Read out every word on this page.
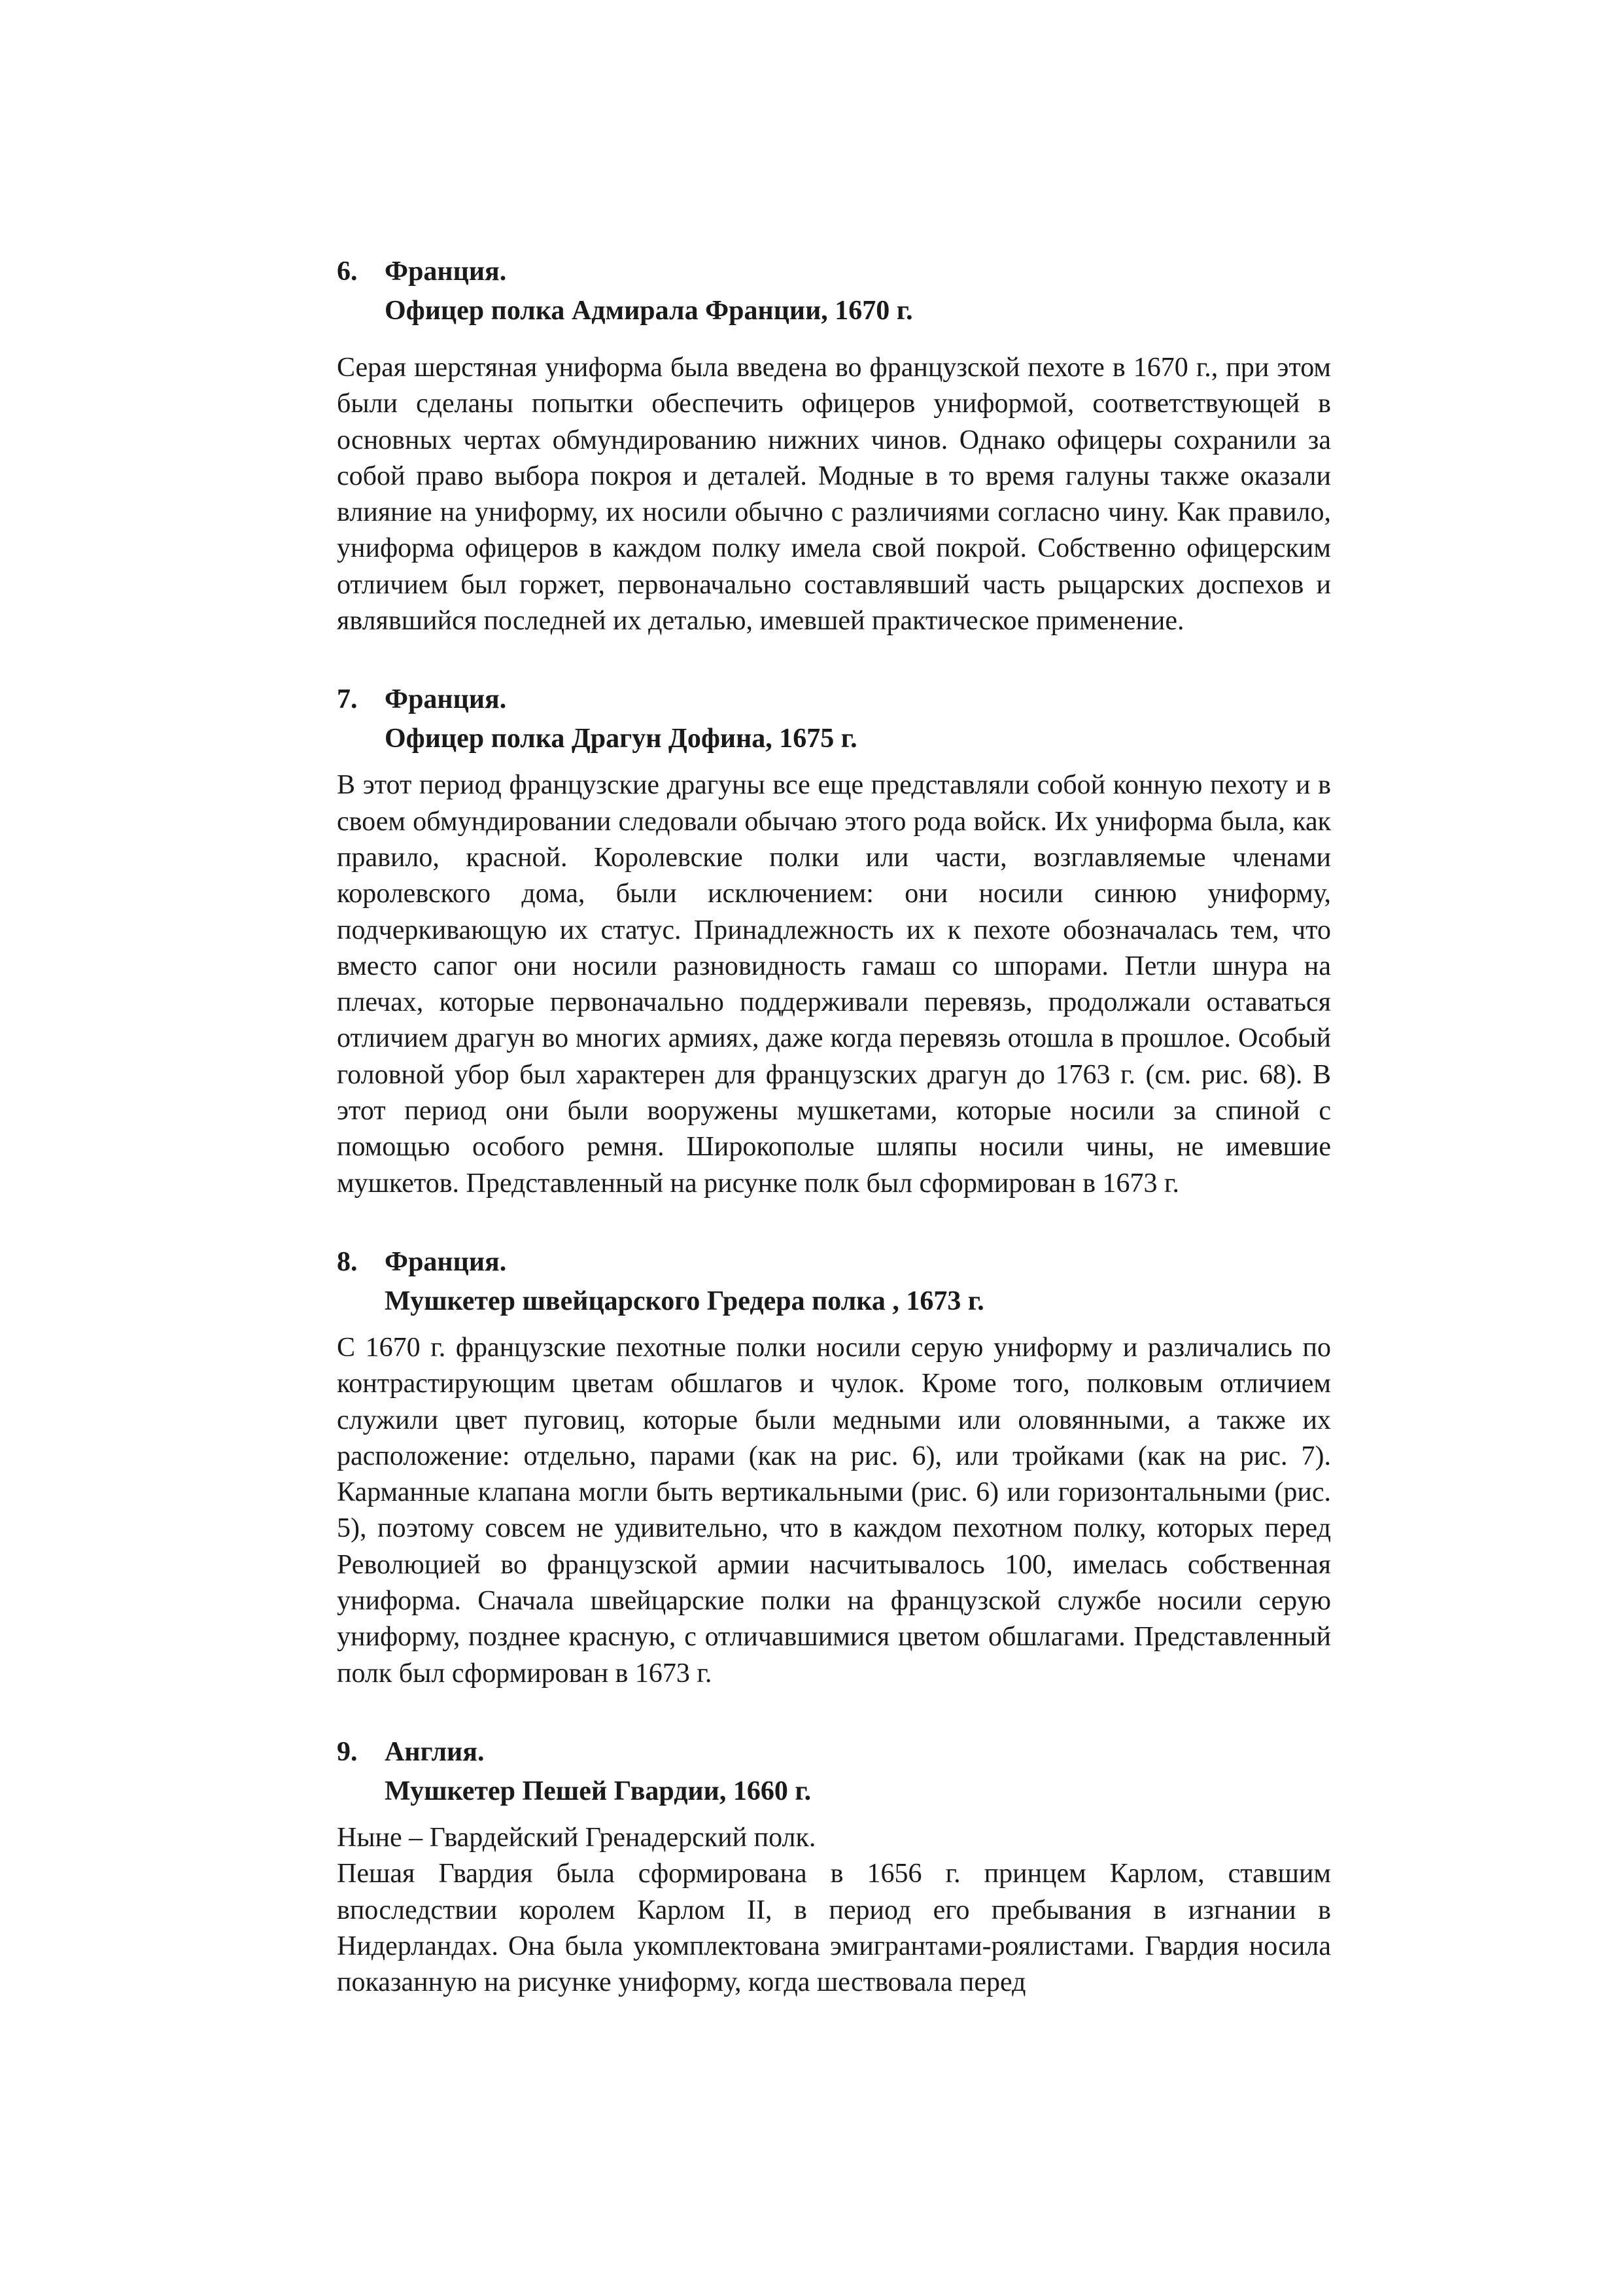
6. Франция.
Офицер полка Адмирала Франции, 1670 г.

Серая шерстяная униформа была введена во французской пехоте в 1670 г., при этом были сделаны попытки обеспечить офицеров униформой, соответствующей в основных чертах обмундированию нижних чинов. Однако офицеры сохранили за собой право выбора покроя и деталей. Модные в то время галуны также оказали влияние на униформу, их носили обычно с различиями согласно чину. Как правило, униформа офицеров в каждом полку имела свой покрой. Собственно офицерским отличием был горжет, первоначально составлявший часть рыцарских доспехов и являвшийся последней их деталью, имевшей практическое применение.

7. Франция.
Офицер полка Драгун Дофина, 1675 г.

В этот период французские драгуны все еще представляли собой конную пехоту и в своем обмундировании следовали обычаю этого рода войск. Их униформа была, как правило, красной. Королевские полки или части, возглавляемые членами королевского дома, были исключением: они носили синюю униформу, подчеркивающую их статус. Принадлежность их к пехоте обозначалась тем, что вместо сапог они носили разновидность гамаш со шпорами. Петли шнура на плечах, которые первоначально поддерживали перевязь, продолжали оставаться отличием драгун во многих армиях, даже когда перевязь отошла в прошлое. Особый головной убор был характерен для французских драгун до 1763 г. (см. рис. 68). В этот период они были вооружены мушкетами, которые носили за спиной с помощью особого ремня. Широкополые шляпы носили чины, не имевшие мушкетов. Представленный на рисунке полк был сформирован в 1673 г.

8. Франция.
Мушкетер швейцарского Гредера полка , 1673 г.

С 1670 г. французские пехотные полки носили серую униформу и различались по контрастирующим цветам обшлагов и чулок. Кроме того, полковым отличием служили цвет пуговиц, которые были медными или оловянными, а также их расположение: отдельно, парами (как на рис. 6), или тройками (как на рис. 7). Карманные клапана могли быть вертикальными (рис. 6) или горизонтальными (рис. 5), поэтому совсем не удивительно, что в каждом пехотном полку, которых перед Революцией во французской армии насчитывалось 100, имелась собственная униформа. Сначала швейцарские полки на французской службе носили серую униформу, позднее красную, с отличавшимися цветом обшлагами. Представленный полк был сформирован в 1673 г.

9. Англия.
Мушкетер Пешей Гвардии, 1660 г.

Ныне – Гвардейский Гренадерский полк.

Пешая Гвардия была сформирована в 1656 г. принцем Карлом, ставшим впоследствии королем Карлом II, в период его пребывания в изгнании в Нидерландах. Она была укомплектована эмигрантами-роялистами. Гвардия носила показанную на рисунке униформу, когда шествовала перед
